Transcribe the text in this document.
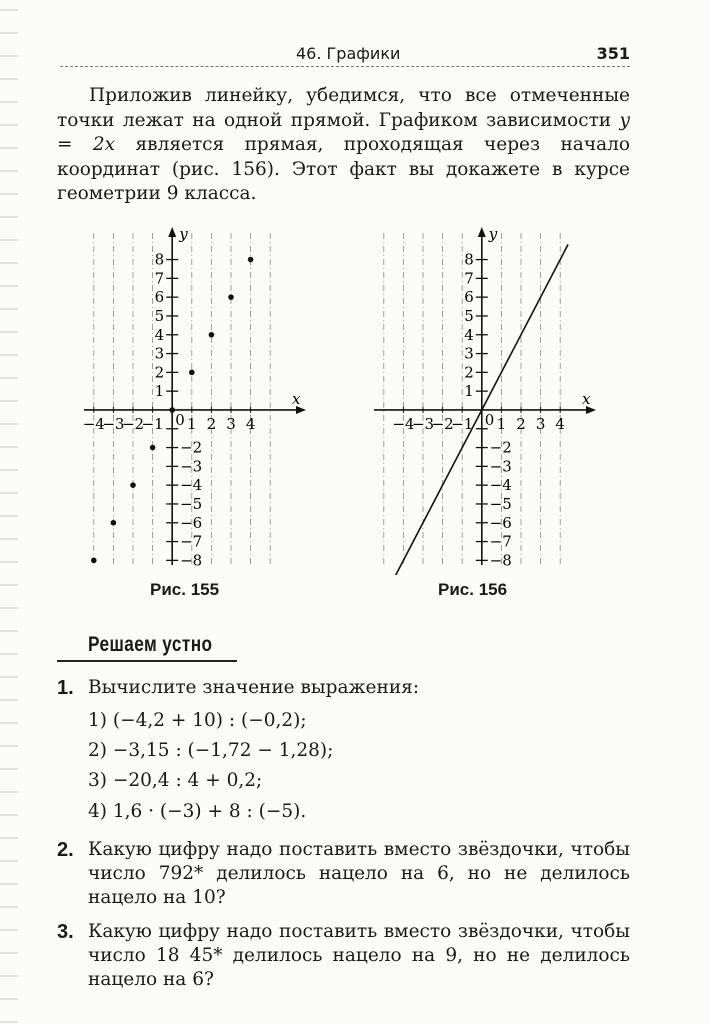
46. Графики	351

Приложив линейку, убедимся, что все отмеченные точки лежат на одной прямой. Графиком зависимости y = 2x является прямая, проходящая через начало координат (рис. 156). Этот факт вы докажете в курсе геометрии 9 класса.

x
y
0
−4
−3
−2
−1 1 2 3 4
−8
−7
−6
−5
−4
−3
−2
1
2
3
4
5
6
7
8
Рис. 155
x
y
0
−4
−3
−2
−1 1 2 3 4
−8
−7
−6
−5
−4
−3
−2
1
2
3
4
5
6
7
8
Рис. 156
Решаем устно
1. Вычислите значение выражения:
1) (−4,2 + 10) : (−0,2);
2) −3,15 : (−1,72 − 1,28);
3) −20,4 : 4 + 0,2;
4) 1,6 · (−3) + 8 : (−5).
2. Какую цифру надо поставить вместо звёздочки, чтобы число 792* делилось нацело на 6, но не делилось нацело на 10?
3. Какую цифру надо поставить вместо звёздочки, чтобы число 18 45* делилось нацело на 9, но не делилось нацело на 6?
